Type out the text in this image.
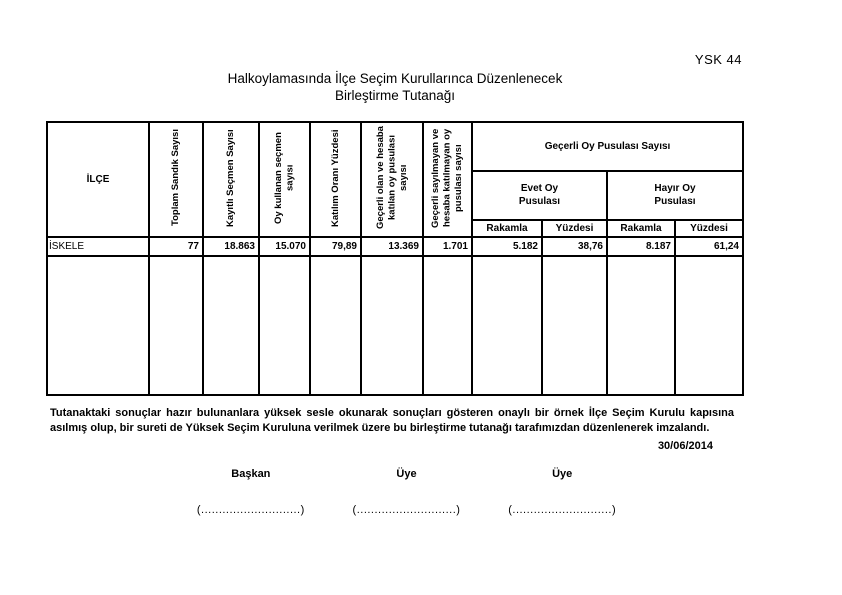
YSK 44
Halkoylamasında İlçe Seçim Kurullarınca Düzenlenecek
Birleştirme Tutanağı
İLÇE	Toplam Sandık Sayısı	Kayıtlı Seçmen Sayısı	Oy kullanan seçmen sayısı	Katılım Oranı Yüzdesi	Geçerli olan ve hesaba katılan oy pusulası sayısı	Geçerli sayılmayan ve hesaba katılmayan oy pusulası sayısı	Geçerli Oy Pusulası Sayısı			
							Evet Oy Pusulası		Hayır Oy Pusulası	
							Rakamla	Yüzdesi	Rakamla	Yüzdesi
İSKELE	77	18.863	15.070	79,89	13.369	1.701	5.182	38,76	8.187	61,24

Tutanaktaki sonuçlar hazır bulunanlara yüksek sesle okunarak sonuçları gösteren onaylı bir örnek İlçe Seçim Kurulu kapısına asılmış olup, bir sureti de Yüksek Seçim Kuruluna verilmek üzere bu birleştirme tutanağı tarafımızdan düzenlenerek imzalandı.
30/06/2014
Başkan
(............................)
Üye
(............................)
Üye
(............................)
